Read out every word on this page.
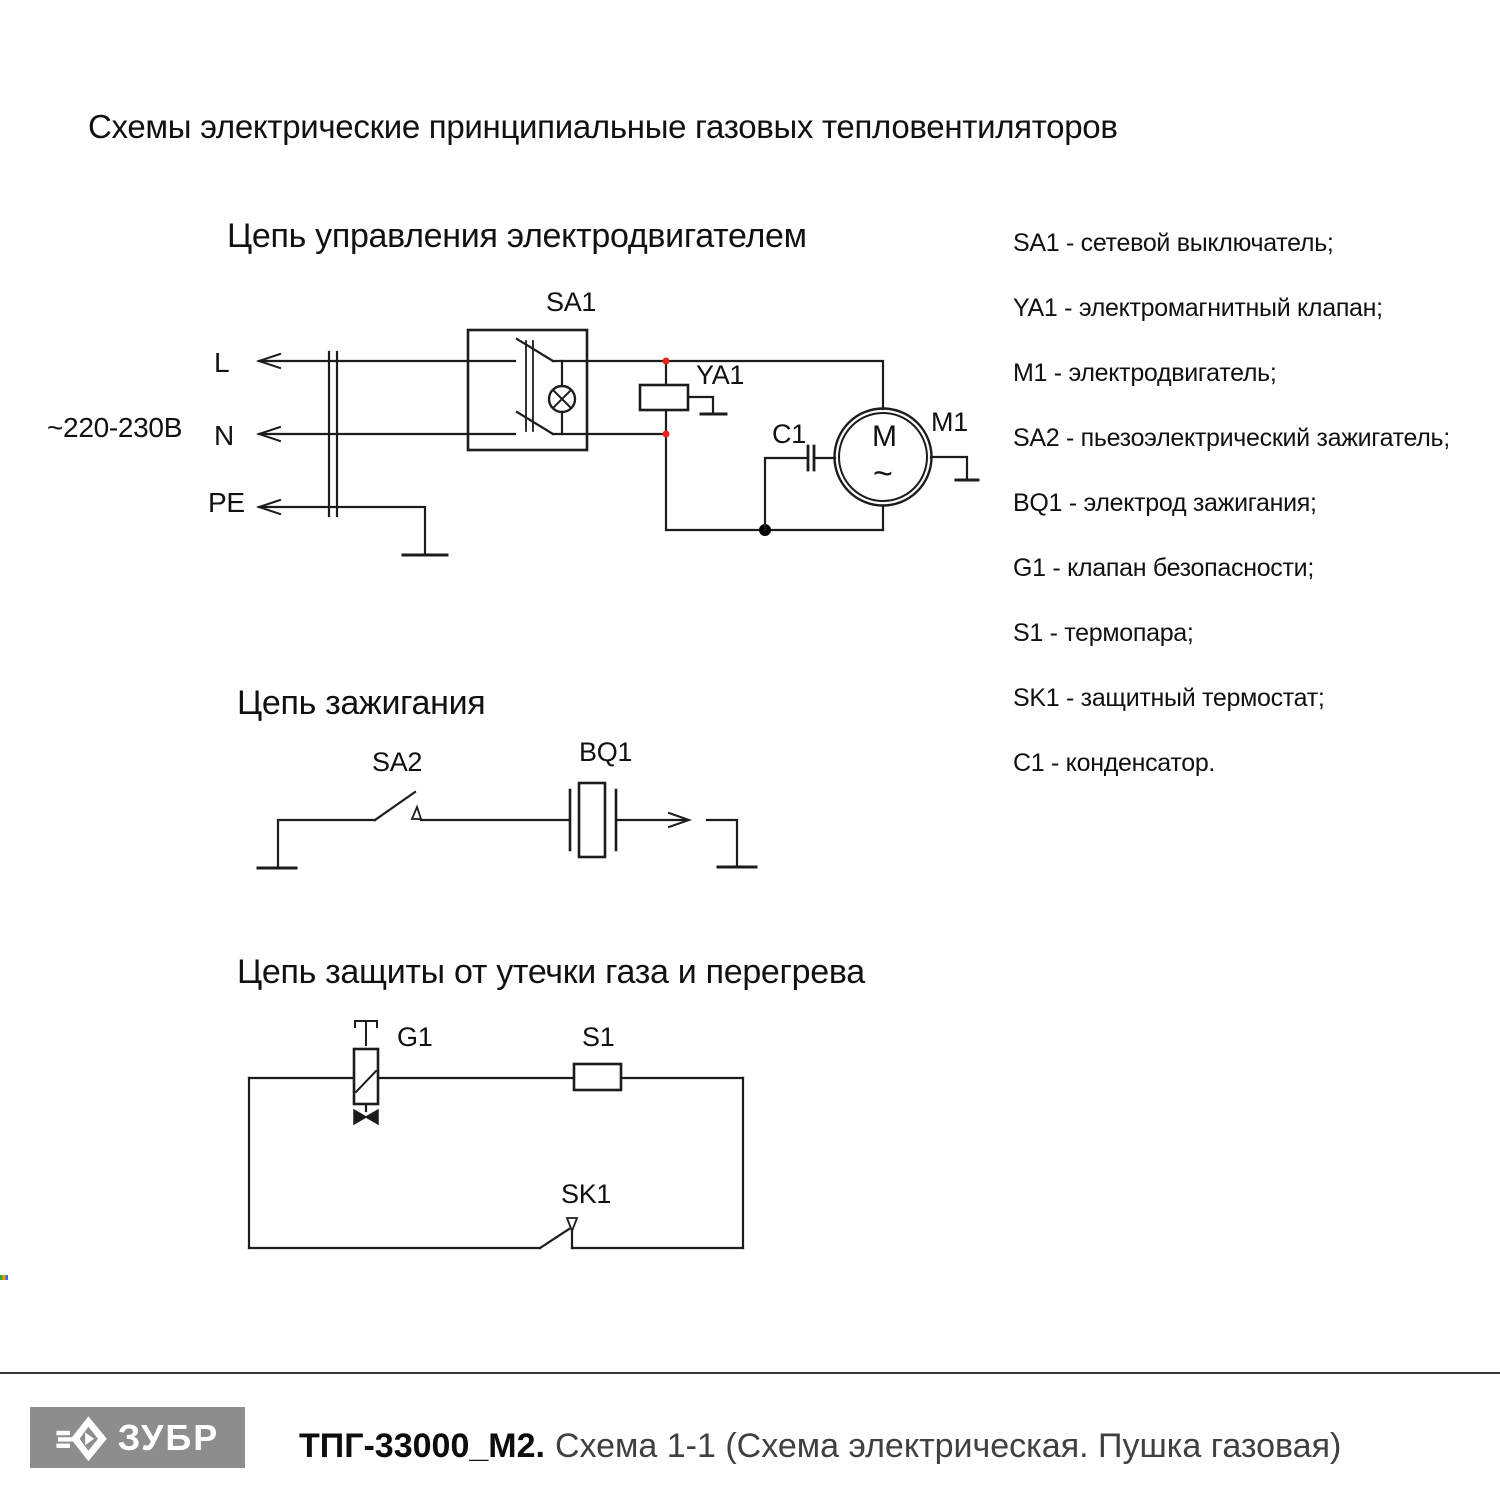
Схемы электрические принципиальные газовых тепловентиляторов
Цепь управления электродвигателем
Цепь зажигания
Цепь защиты от утечки газа и перегрева
~220-230В
L
N
PE
SA1
YA1
C1	M1
M
~
SA2	BQ1
G1	S1
SK1
SA1 - сетевой выключатель;
YA1 - электромагнитный клапан;
M1 - электродвигатель;
SA2 - пьезоэлектрический зажигатель;
BQ1 - электрод зажигания;
G1 - клапан безопасности;
S1 - термопара;
SK1 - защитный термостат;
C1 - конденсатор.
ЗУБР ТПГ-33000_М2. Схема 1-1 (Схема электрическая. Пушка газовая)
